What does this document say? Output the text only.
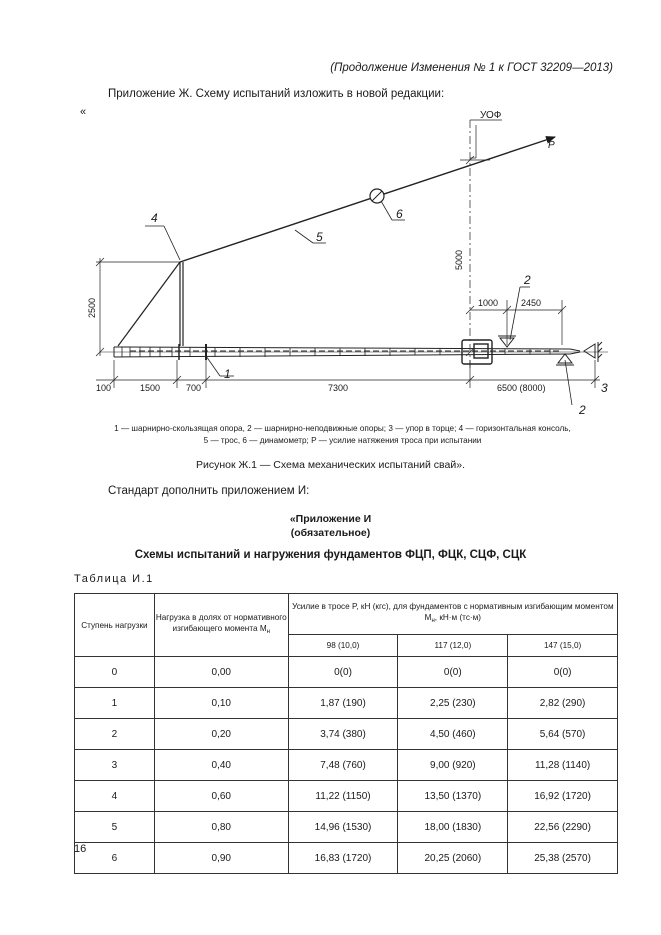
(Продолжение Изменения № 1 к ГОСТ 32209—2013)
Приложение Ж. Схему испытаний изложить в новой редакции:
«	УОФ
P
4
5
6
1
2
2
3
2500
5000
1000	2450
100	1500	700	7300	6500 (8000)
1 — шарнирно-скользящая опора, 2 — шарнирно-неподвижные опоры; 3 — упор в торце; 4 — горизонтальная консоль,
5 — трос, 6 — динамометр; P — усилие натяжения троса при испытании
Рисунок Ж.1 — Схема механических испытаний свай».
Стандарт дополнить приложением И:
«Приложение И
(обязательное)
Схемы испытаний и нагружения фундаментов ФЦП, ФЦК, СЦФ, СЦК
Таблица И.1
Ступень нагрузки	Нагрузка в долях от нормативного изгибающего момента $M_н$	Усилие в тросе P, кН (кгс), для фундаментов с нормативным изгибающим моментом $M_н$, кН·м (тс·м)		
		98 (10,0)	117 (12,0)	147 (15,0)
0	0,00	0(0)	0(0)	0(0)
1	0,10	1,87 (190)	2,25 (230)	2,82 (290)
2	0,20	3,74 (380)	4,50 (460)	5,64 (570)
3	0,40	7,48 (760)	9,00 (920)	11,28 (1140)
4	0,60	11,22 (1150)	13,50 (1370)	16,92 (1720)
5	0,80	14,96 (1530)	18,00 (1830)	22,56 (2290)
6	0,90	16,83 (1720)	20,25 (2060)	25,38 (2570)
16
